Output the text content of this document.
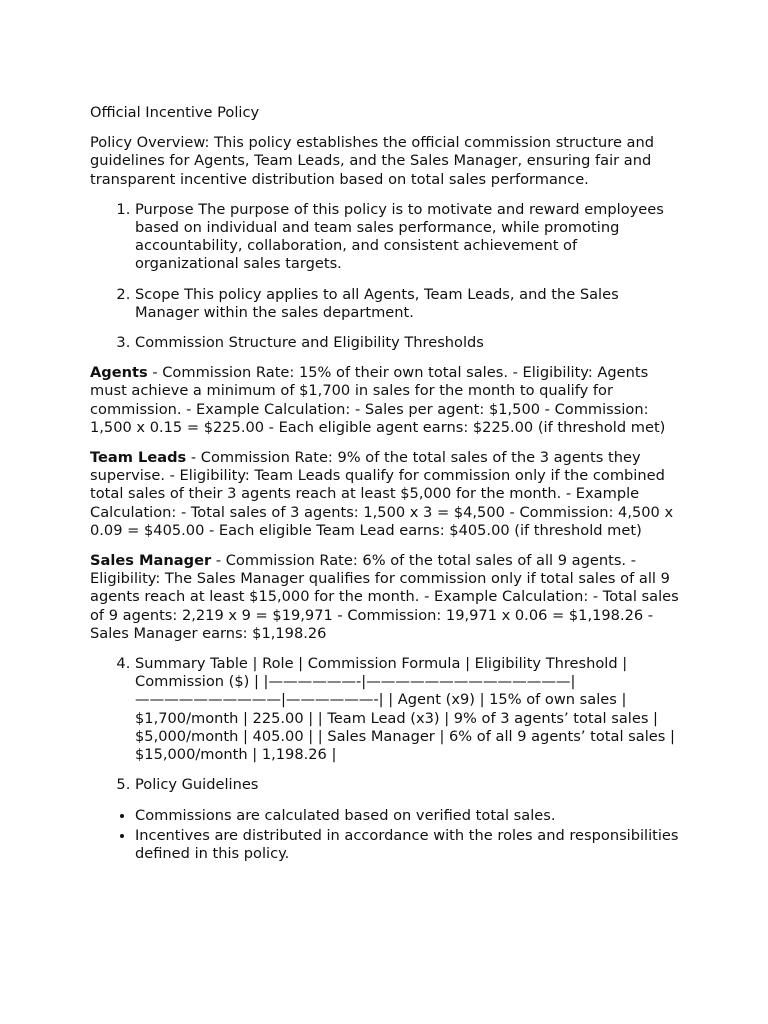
Official Incentive Policy

Policy Overview: This policy establishes the official commission structure and guidelines for Agents, Team Leads, and the Sales Manager, ensuring fair and transparent incentive distribution based on total sales performance.

1. Purpose The purpose of this policy is to motivate and reward employees based on individual and team sales performance, while promoting accountability, collaboration, and consistent achievement of organizational sales targets.
2. Scope This policy applies to all Agents, Team Leads, and the Sales Manager within the sales department.
3. Commission Structure and Eligibility Thresholds

Agents - Commission Rate: 15% of their own total sales. - Eligibility: Agents must achieve a minimum of $1,700 in sales for the month to qualify for commission. - Example Calculation: - Sales per agent: $1,500 - Commission: 1,500 x 0.15 = $225.00 - Each eligible agent earns: $225.00 (if threshold met)

Team Leads - Commission Rate: 9% of the total sales of the 3 agents they supervise. - Eligibility: Team Leads qualify for commission only if the combined total sales of their 3 agents reach at least $5,000 for the month. - Example Calculation: - Total sales of 3 agents: 1,500 x 3 = $4,500 - Commission: 4,500 x 0.09 = $405.00 - Each eligible Team Lead earns: $405.00 (if threshold met)

Sales Manager - Commission Rate: 6% of the total sales of all 9 agents. - Eligibility: The Sales Manager qualifies for commission only if total sales of all 9 agents reach at least $15,000 for the month. - Example Calculation: - Total sales of 9 agents: 2,219 x 9 = $19,971 - Commission: 19,971 x 0.06 = $1,198.26 - Sales Manager earns: $1,198.26

4. Summary Table | Role | Commission Formula | Eligibility Threshold | Commission ($) | |——————-|——————————————|——————————|——————-| | Agent (x9) | 15% of own sales | $1,700/month | 225.00 | | Team Lead (x3) | 9% of 3 agents’ total sales | $5,000/month | 405.00 | | Sales Manager | 6% of all 9 agents’ total sales | $15,000/month | 1,198.26 |
5. Policy Guidelines
• Commissions are calculated based on verified total sales.
• Incentives are distributed in accordance with the roles and responsibilities defined in this policy.
